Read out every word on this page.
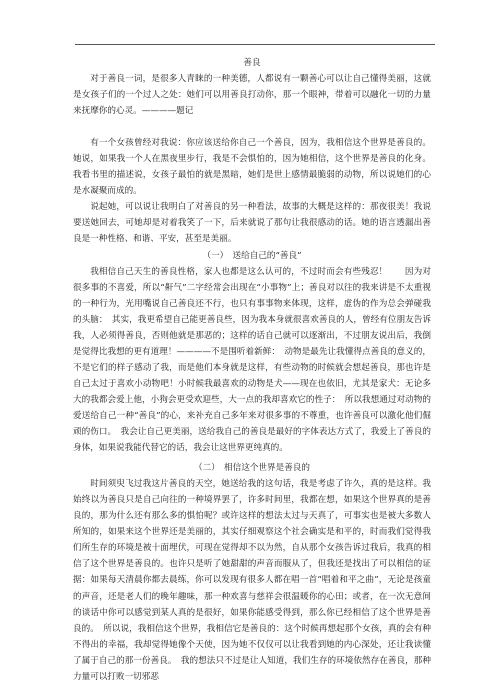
善良

对于善良一词，是很多人青睐的一种美德，人都说有一颗善心可以让自己懂得美丽，这就是女孩子们的一个过人之处：她们可以用善良打动你，那一个眼神，带着可以融化一切的力量来抚摩你的心灵。————题记

有一个女孩曾经对我说：你应该送给你自己一个善良，因为，我相信这个世界是善良的。她说，如果我一个人在黑夜里步行，我是不会惧怕的，因为她相信，这个世界是善良的化身。我看书里的描述说，女孩子最怕的就是黑暗，她们是世上感情最脆弱的动物，所以说她们的心是水凝聚而成的。

说起她，可以说让我明白了对善良的另一种看法，故事的大概是这样的：那夜很美！我说要送她回去，可她却是对着我笑了一下，后来就说了那句让我很感动的话。她的语言透漏出善良是一种性格、和谐、平安，甚至是美丽。

（一）　送给自己的“善良”

我相信自己天生的善良性格，家人也都是这么认可的，不过时而会有些残忍！　　因为对很多事的不喜爱，所以“鼾气”二字经常会出现在“小事物”上；善良对以往的我来讲是不太重视的一种行为，光用嘴说自己善良还不行，也只有事事物来体现，这样，虚伪的作为总会弹碰我的头脑：　其实，我更希望自己能更善良些，因为我本身就很喜欢善良的人，曾经有位朋友告诉我，人必须得善良，否则他就是那恶的；这样的话自己就可以逐渐出，不过朋友说出后，我倒是觉得比我想的更有道理！————不是围听着新鲜：　动物是最先让我懂得点善良的意义的，不是它们的样子感动了我，而是他们本身就是这样，有些动物的时候就会想起善良，那也许是自己太过于喜欢小动物吧！小时候我最喜欢的动物是犬——现在也依旧，尤其是家犬：无论多大的我都会爱上他，小狗会更受欢迎些，大一点的我却喜欢它的性子：　所以我想通过对动物的爱送给自己一种“善良”的心，来补充自己多年来对很多事的不尊重，也许善良可以激化他们倔顽的伤口。　我会让自己更美丽，送给我自己的善良是最好的字体表达方式了，我爱上了善良的身体，如果说我能代替它的话，我会让这世界更纯真的。

（二）　相信这个世界是善良的

时间须臾飞过我这片善良的天空，她送给我的这句话，我是考虑了许久，真的是这样。我始终以为善良只是自己向往的一种境界罢了，许多时间里，我都在想，如果这个世界真的是善良的，那为什么还有那么多的惧怕呢？或许这样的想法太过与天真了，可事实也是被大多数人所知的，如果来这个世界还是美丽的，其实仔细观察这个社会确实是和平的，时而我们觉得我们所生存的环境是被十面埋伏，可现在觉得却不以为然，自从那个女孩告诉过我后，我真的相信了这个世界是善良的。也许只是听了她甜甜的声音而服从了，但我还是找出了可以相信的证据：如果每天清晨你都去晨练，你可以发现有很多人都在唱一首“唱着和平之曲”，无论是孩童的声音，还是老人们的晚年趣味，那一种欢喜与慈祥会很温暖你的心田；或者，在一次无意间的谈话中你可以感觉到某人真的是很好，如果你能感受得到，那么你已经相信了这个世界是善良的。　所以说，我相信这个世界，我相信它是善良的：这个时候再想起那个女孩，真的会有种不得出的幸福，我却觉得她像个天使，因为她不仅仅可以让我看到她的内心深处，还让我读懂了属于自己的那一份善良。　我的想法只不过是让人知道，我们生存的环境依然存在善良，那种力量可以打败一切邪恶
